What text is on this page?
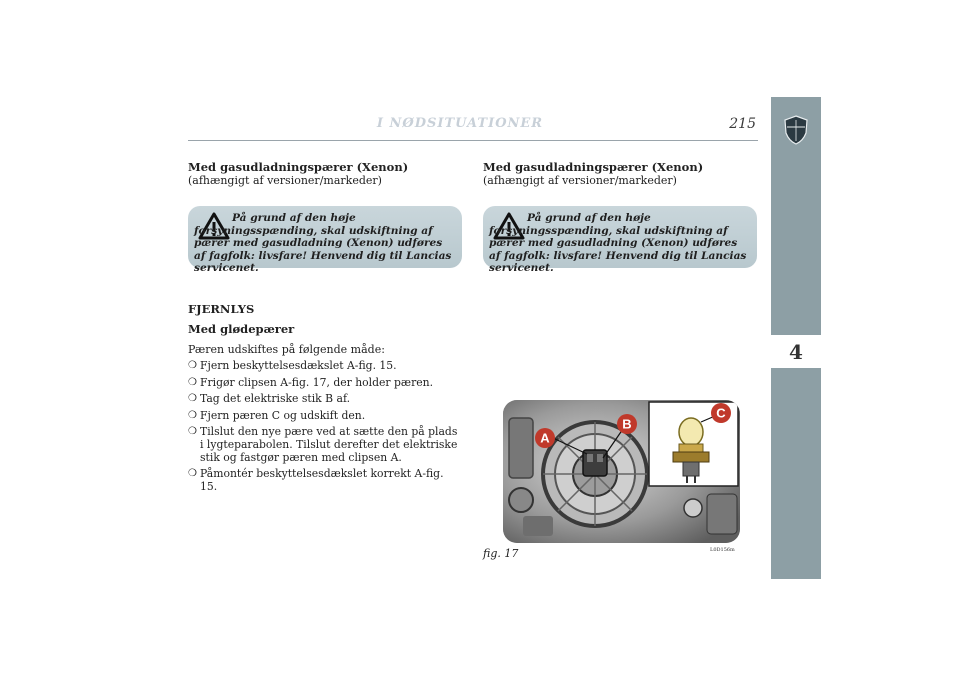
I NØDSITUATIONER	215
4
Med gasudladningspærer (Xenon)
(afhængigt af versioner/markeder)
På grund af den høje forsyningsspænding, skal udskiftning af pærer med gasudladning (Xenon) udføres af fagfolk: livsfare! Henvend dig til Lancias servicenet.
FJERNLYS
Med glødepærer
Pæren udskiftes på følgende måde:
❍ Fjern beskyttelsesdækslet A-fig. 15.
❍ Frigør clipsen A-fig. 17, der holder pæren.
❍ Tag det elektriske stik B af.
❍ Fjern pæren C og udskift den.
❍ Tilslut den nye pære ved at sætte den på plads i lygteparabolen. Tilslut derefter det elektriske stik og fastgør pæren med clipsen A.
❍ Påmontér beskyttelsesdækslet korrekt A-fig. 15.
Med gasudladningspærer (Xenon)
(afhængigt af versioner/markeder)
På grund af den høje forsyningsspænding, skal udskiftning af pærer med gasudladning (Xenon) udføres af fagfolk: livsfare! Henvend dig til Lancias servicenet.
A
B
C
fig. 17	L0D156m
